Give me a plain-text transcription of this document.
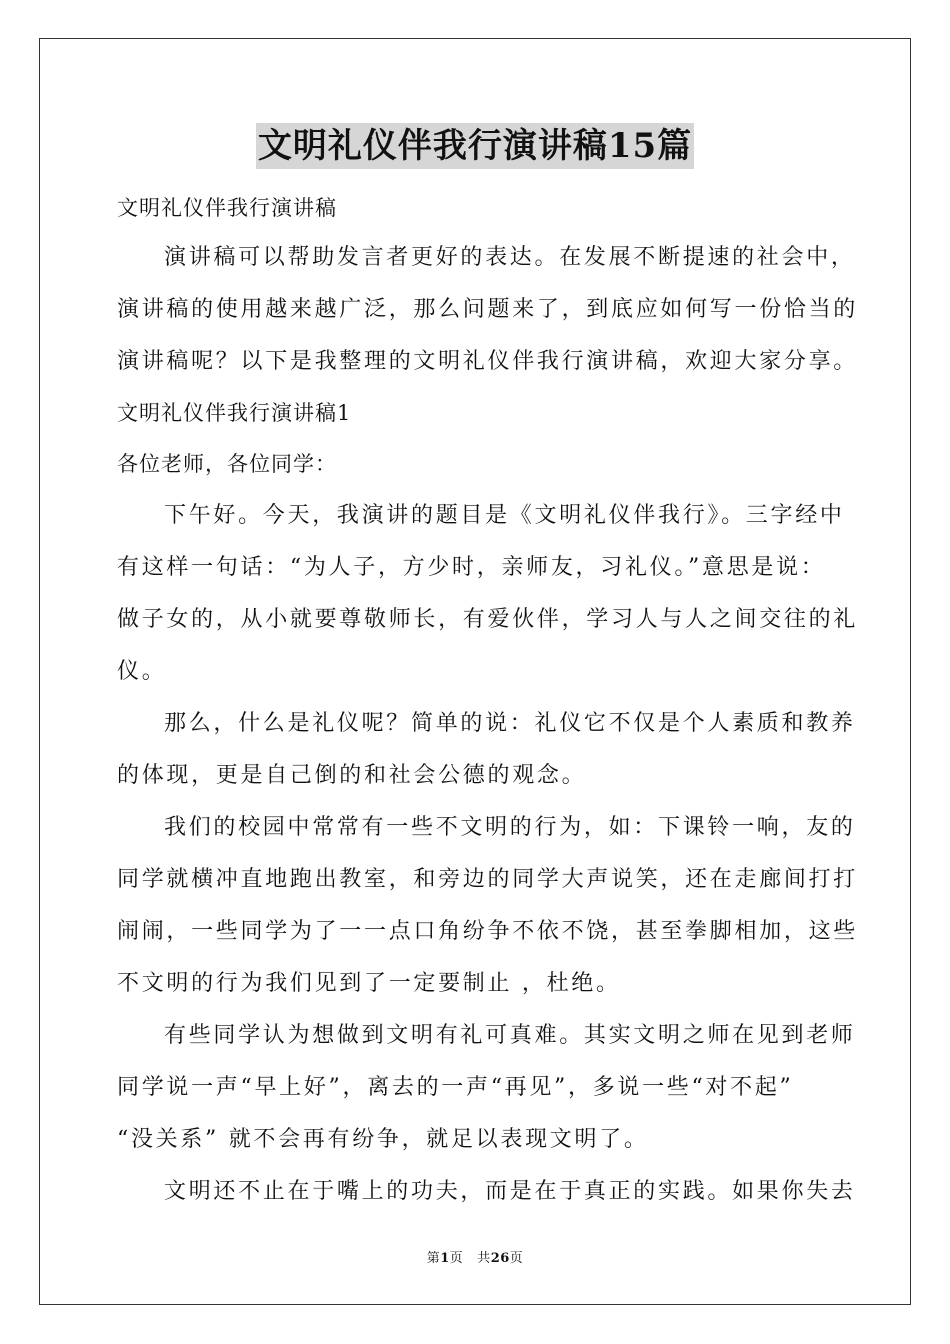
文明礼仪伴我行演讲稿15篇

文明礼仪伴我行演讲稿

演讲稿可以帮助发言者更好的表达。在发展不断提速的社会中，

演讲稿的使用越来越广泛，那么问题来了，到底应如何写一份恰当的

演讲稿呢？以下是我整理的文明礼仪伴我行演讲稿，欢迎大家分享。

文明礼仪伴我行演讲稿1

各位老师，各位同学：

下午好。今天，我演讲的题目是《文明礼仪伴我行》。三字经中

有这样一句话：“为人子，方少时，亲师友，习礼仪。”意思是说：

做子女的，从小就要尊敬师长，有爱伙伴，学习人与人之间交往的礼

仪。

那么，什么是礼仪呢？简单的说：礼仪它不仅是个人素质和教养

的体现，更是自己倒的和社会公德的观念。

我们的校园中常常有一些不文明的行为，如：下课铃一响，友的

同学就横冲直地跑出教室，和旁边的同学大声说笑，还在走廊间打打

闹闹，一些同学为了一一点口角纷争不依不饶，甚至拳脚相加，这些

不文明的行为我们见到了一定要制止 ，杜绝。

有些同学认为想做到文明有礼可真难。其实文明之师在见到老师

同学说一声“早上好”，离去的一声“再见”，多说一些“对不起”

“没关系” 就不会再有纷争，就足以表现文明了。

文明还不止在于嘴上的功夫，而是在于真正的实践。如果你失去

第1页 共26页
